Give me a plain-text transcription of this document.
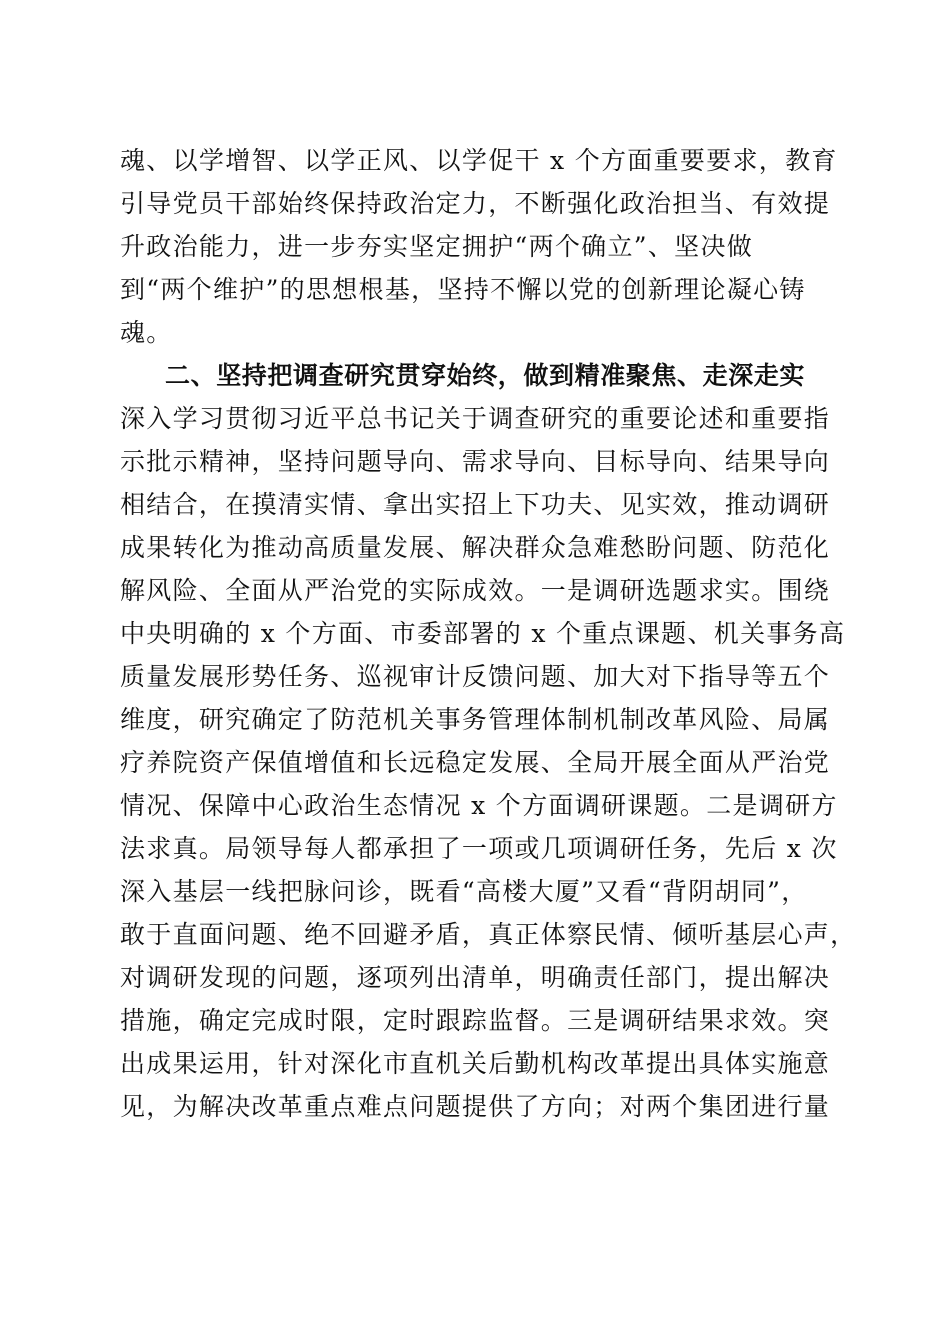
魂、以学增智、以学正风、以学促干 x 个方面重要要求，教育
引导党员干部始终保持政治定力，不断强化政治担当、有效提
升政治能力，进一步夯实坚定拥护“两个确立”、坚决做
到“两个维护”的思想根基，坚持不懈以党的创新理论凝心铸
魂。
二、坚持把调查研究贯穿始终，做到精准聚焦、走深走实
深入学习贯彻习近平总书记关于调查研究的重要论述和重要指
示批示精神，坚持问题导向、需求导向、目标导向、结果导向
相结合，在摸清实情、拿出实招上下功夫、见实效，推动调研
成果转化为推动高质量发展、解决群众急难愁盼问题、防范化
解风险、全面从严治党的实际成效。一是调研选题求实。围绕
中央明确的 x 个方面、市委部署的 x 个重点课题、机关事务高
质量发展形势任务、巡视审计反馈问题、加大对下指导等五个
维度，研究确定了防范机关事务管理体制机制改革风险、局属
疗养院资产保值增值和长远稳定发展、全局开展全面从严治党
情况、保障中心政治生态情况 x 个方面调研课题。二是调研方
法求真。局领导每人都承担了一项或几项调研任务，先后 x 次
深入基层一线把脉问诊，既看“高楼大厦”又看“背阴胡同”，
敢于直面问题、绝不回避矛盾，真正体察民情、倾听基层心声，
对调研发现的问题，逐项列出清单，明确责任部门，提出解决
措施，确定完成时限，定时跟踪监督。三是调研结果求效。突
出成果运用，针对深化市直机关后勤机构改革提出具体实施意
见，为解决改革重点难点问题提供了方向；对两个集团进行量
